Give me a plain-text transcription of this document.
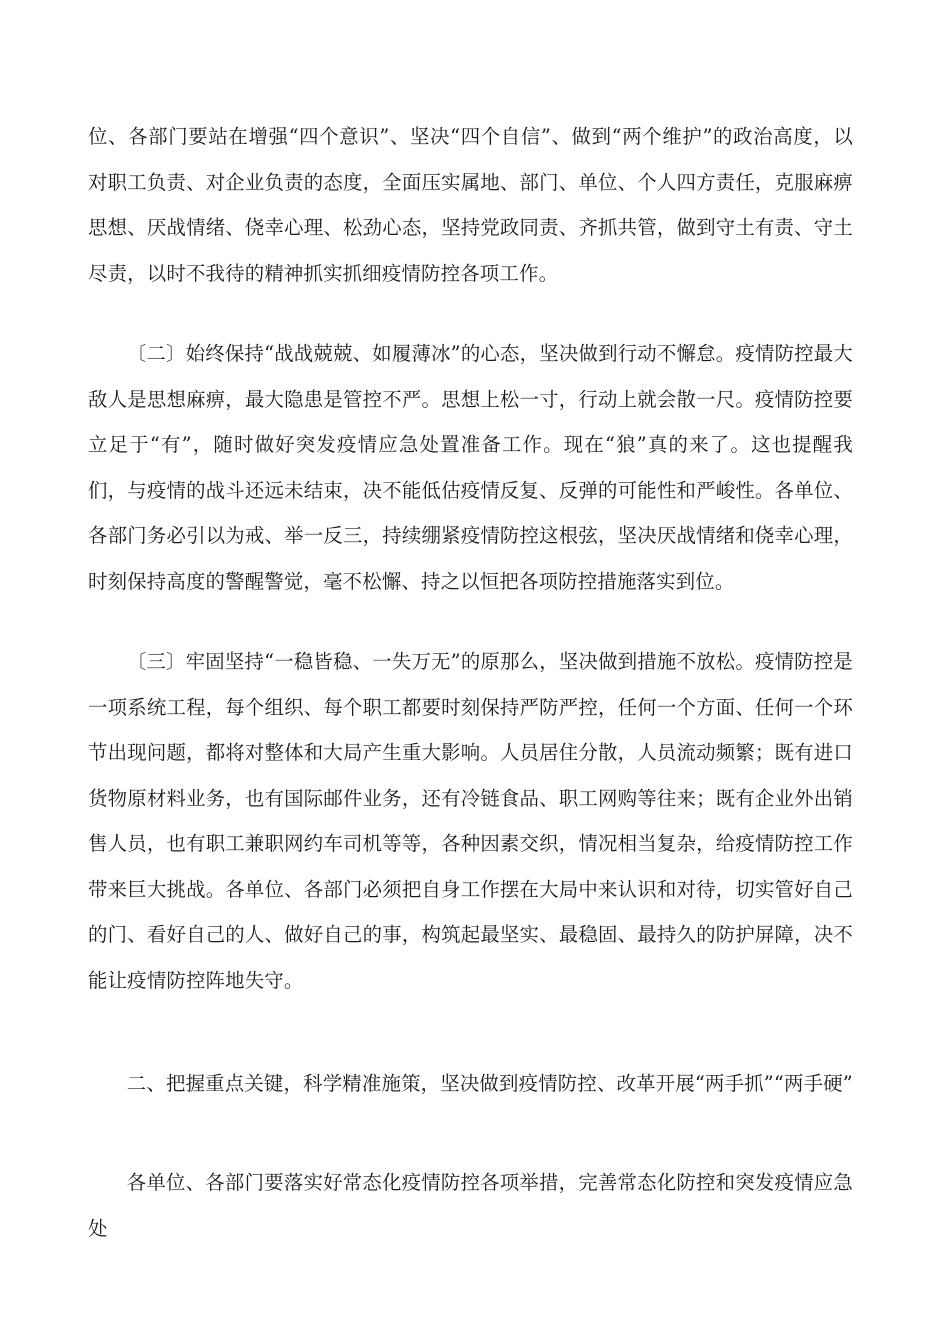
位、各部门要站在增强“四个意识”、坚决“四个自信”、做到“两个维护”的政治高度，以对职工负责、对企业负责的态度，全面压实属地、部门、单位、个人四方责任，克服麻痹思想、厌战情绪、侥幸心理、松劲心态，坚持党政同责、齐抓共管，做到守土有责、守土尽责，以时不我待的精神抓实抓细疫情防控各项工作。

〔二〕始终保持“战战兢兢、如履薄冰”的心态，坚决做到行动不懈怠。疫情防控最大敌人是思想麻痹，最大隐患是管控不严。思想上松一寸，行动上就会散一尺。疫情防控要立足于“有”，随时做好突发疫情应急处置准备工作。现在“狼”真的来了。这也提醒我们，与疫情的战斗还远未结束，决不能低估疫情反复、反弹的可能性和严峻性。各单位、各部门务必引以为戒、举一反三，持续绷紧疫情防控这根弦，坚决厌战情绪和侥幸心理，时刻保持高度的警醒警觉，毫不松懈、持之以恒把各项防控措施落实到位。

〔三〕牢固坚持“一稳皆稳、一失万无”的原那么，坚决做到措施不放松。疫情防控是一项系统工程，每个组织、每个职工都要时刻保持严防严控，任何一个方面、任何一个环节出现问题，都将对整体和大局产生重大影响。人员居住分散，人员流动频繁；既有进口货物原材料业务，也有国际邮件业务，还有冷链食品、职工网购等往来；既有企业外出销售人员，也有职工兼职网约车司机等等，各种因素交织，情况相当复杂，给疫情防控工作带来巨大挑战。各单位、各部门必须把自身工作摆在大局中来认识和对待，切实管好自己的门、看好自己的人、做好自己的事，构筑起最坚实、最稳固、最持久的防护屏障，决不能让疫情防控阵地失守。

二、把握重点关键，科学精准施策，坚决做到疫情防控、改革开展“两手抓”“两手硬”

各单位、各部门要落实好常态化疫情防控各项举措，完善常态化防控和突发疫情应急处
